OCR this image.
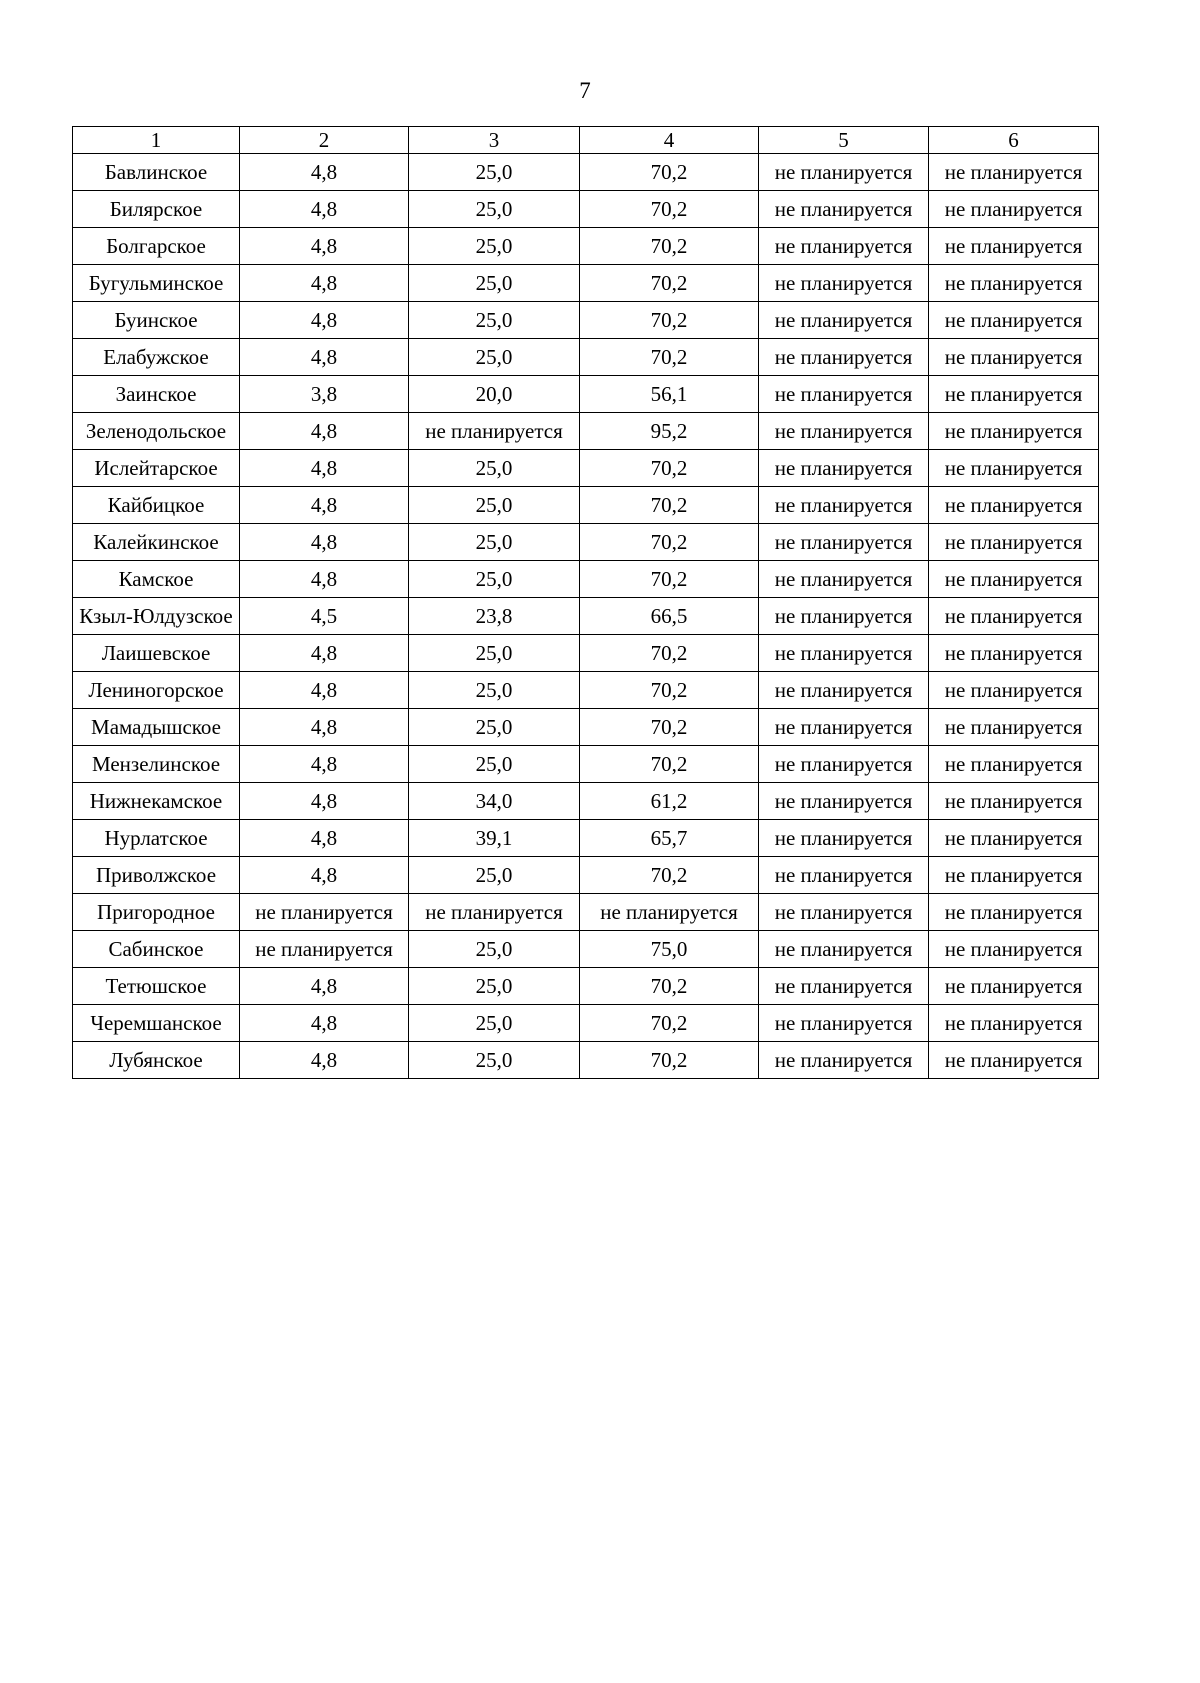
7
1	2	3	4	5	6
Бавлинское	4,8	25,0	70,2	не планируется	не планируется
Билярское	4,8	25,0	70,2	не планируется	не планируется
Болгарское	4,8	25,0	70,2	не планируется	не планируется
Бугульминское	4,8	25,0	70,2	не планируется	не планируется
Буинское	4,8	25,0	70,2	не планируется	не планируется
Елабужское	4,8	25,0	70,2	не планируется	не планируется
Заинское	3,8	20,0	56,1	не планируется	не планируется
Зеленодольское	4,8	не планируется	95,2	не планируется	не планируется
Ислейтарское	4,8	25,0	70,2	не планируется	не планируется
Кайбицкое	4,8	25,0	70,2	не планируется	не планируется
Калейкинское	4,8	25,0	70,2	не планируется	не планируется
Камское	4,8	25,0	70,2	не планируется	не планируется
Кзыл-Юлдузское	4,5	23,8	66,5	не планируется	не планируется
Лаишевское	4,8	25,0	70,2	не планируется	не планируется
Лениногорское	4,8	25,0	70,2	не планируется	не планируется
Мамадышское	4,8	25,0	70,2	не планируется	не планируется
Мензелинское	4,8	25,0	70,2	не планируется	не планируется
Нижнекамское	4,8	34,0	61,2	не планируется	не планируется
Нурлатское	4,8	39,1	65,7	не планируется	не планируется
Приволжское	4,8	25,0	70,2	не планируется	не планируется
Пригородное	не планируется	не планируется	не планируется	не планируется	не планируется
Сабинское	не планируется	25,0	75,0	не планируется	не планируется
Тетюшское	4,8	25,0	70,2	не планируется	не планируется
Черемшанское	4,8	25,0	70,2	не планируется	не планируется
Лубянское	4,8	25,0	70,2	не планируется	не планируется
